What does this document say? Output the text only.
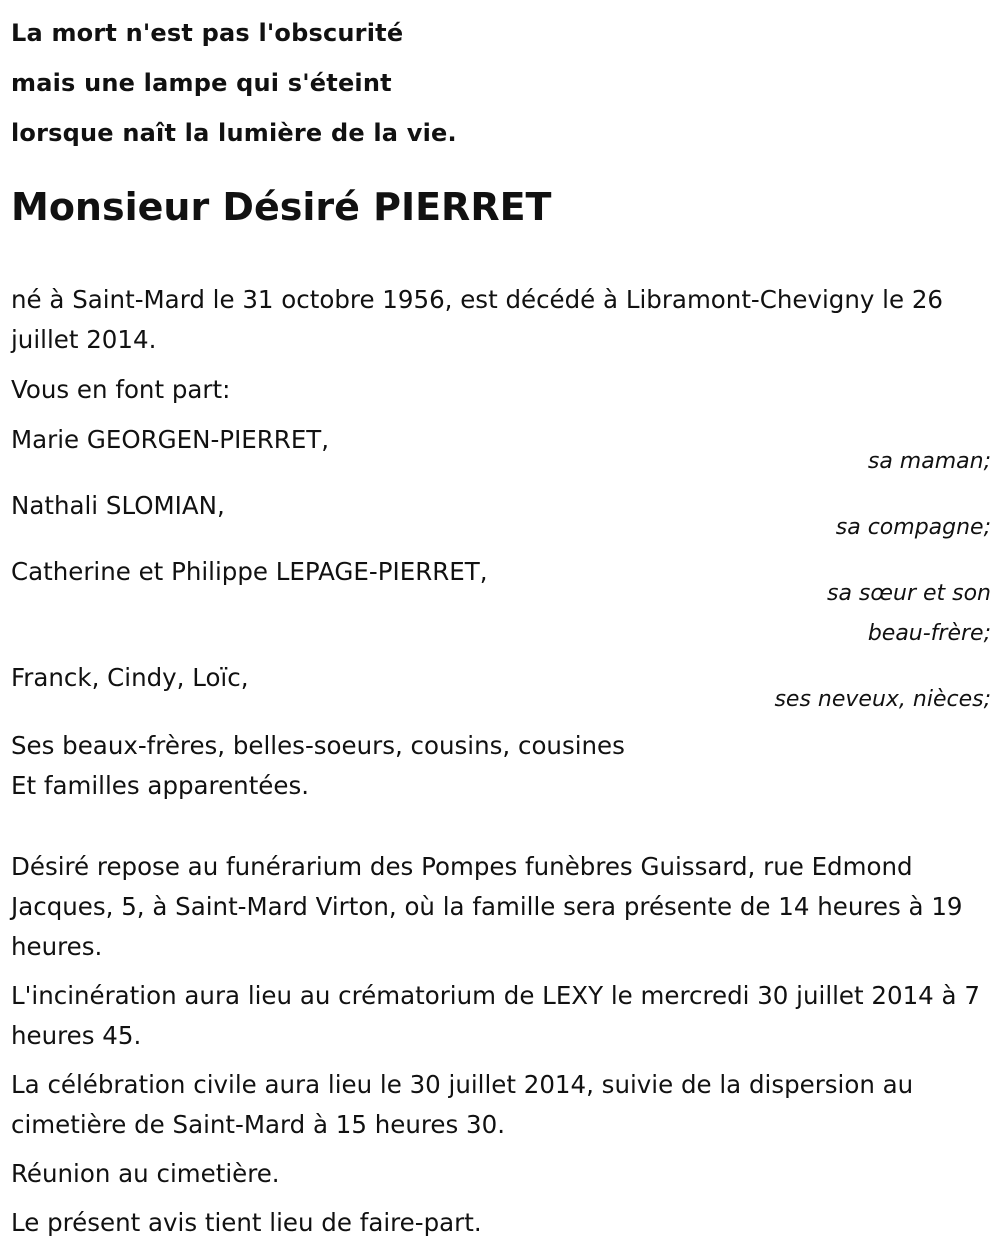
La mort n'est pas l'obscurité
mais une lampe qui s'éteint
lorsque naît la lumière de la vie.
Monsieur Désiré PIERRET

né à Saint-Mard le 31 octobre 1956, est décédé à Libramont-Chevigny le 26 juillet 2014.

Vous en font part:

Marie GEORGEN-PIERRET,
sa maman;
Nathali SLOMIAN,
sa compagne;
Catherine et Philippe LEPAGE-PIERRET,
sa sœur et son
beau-frère;
Franck, Cindy, Loïc,
ses neveux, nièces;
Ses beaux-frères, belles-soeurs, cousins, cousines
Et familles apparentées.

Désiré repose au funérarium des Pompes funèbres Guissard, rue Edmond Jacques, 5, à Saint-Mard Virton, où la famille sera présente de 14 heures à 19 heures.

L'incinération aura lieu au crématorium de LEXY le mercredi 30 juillet 2014 à 7 heures 45.

La célébration civile aura lieu le 30 juillet 2014, suivie de la dispersion au cimetière de Saint-Mard à 15 heures 30.

Réunion au cimetière.

Le présent avis tient lieu de faire-part.
